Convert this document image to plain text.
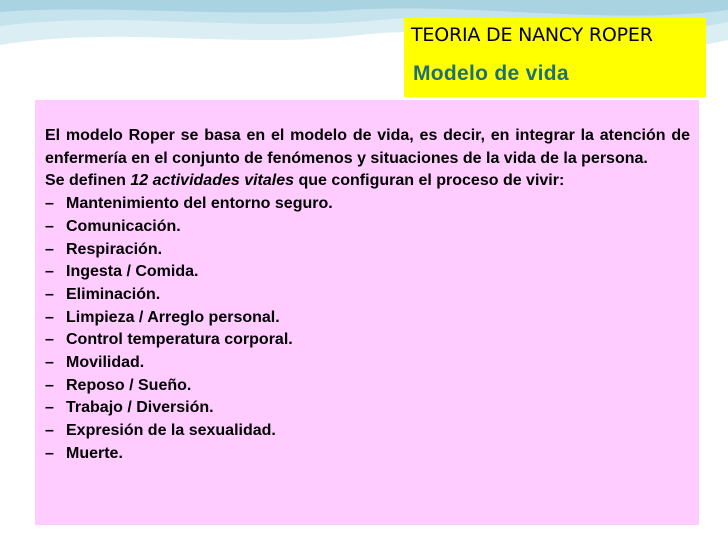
TEORIA DE NANCY ROPER
Modelo de vida

El modelo Roper se basa en el modelo de vida, es decir, en integrar la atención de enfermería en el conjunto de fenómenos y situaciones de la vida de la persona.

Se definen 12 actividades vitales que configuran el proceso de vivir:

– Mantenimiento del entorno seguro.
– Comunicación.
– Respiración.
– Ingesta / Comida.
– Eliminación.
– Limpieza / Arreglo personal.
– Control temperatura corporal.
– Movilidad.
– Reposo / Sueño.
– Trabajo / Diversión.
– Expresión de la sexualidad.
– Muerte.
